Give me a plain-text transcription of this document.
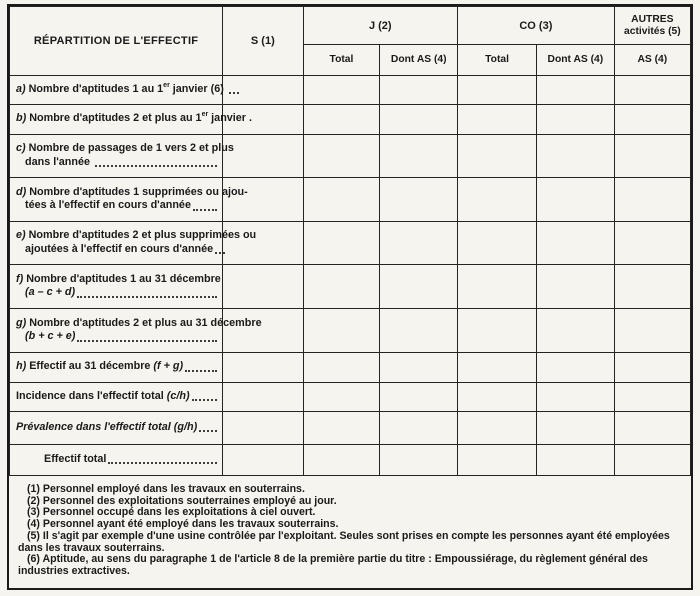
RÉPARTITION DE L'EFFECTIF	S (1)	J (2)		CO (3)		AUTRES
activités (5)

		Total	Dont AS (4)	Total	Dont AS (4)	AS (4)

a) Nombre d'aptitudes 1 au 1 er janvier (6)						

b) Nombre d'aptitudes 2 et plus au 1 er janvier .						

c) Nombre de passages de 1 vers 2 et plus
dans l'année						

d) Nombre d'aptitudes 1 supprimées ou ajou-
tées à l'effectif en cours d'année						

e) Nombre d'aptitudes 2 et plus supprimées ou
ajoutées à l'effectif en cours d'année						

f) Nombre d'aptitudes 1 au 31 décembre
(a – c + d)						

g) Nombre d'aptitudes 2 et plus au 31 décembre
(b + c + e)						

h) Effectif au 31 décembre (f + g)						

Incidence dans l'effectif total (c/h)						

Prévalence dans l'effectif total (g/h)						

Effectif total						

(1) Personnel employé dans les travaux en souterrains.

(2) Personnel des exploitations souterraines employé au jour.

(3) Personnel occupé dans les exploitations à ciel ouvert.

(4) Personnel ayant été employé dans les travaux souterrains.

(5) Il s'agit par exemple d'une usine contrôlée par l'exploitant. Seules sont prises en compte les personnes ayant été employées dans les travaux souterrains.

(6) Aptitude, au sens du paragraphe 1 de l'article 8 de la première partie du titre : Empoussiérage, du règlement général des industries extractives.
